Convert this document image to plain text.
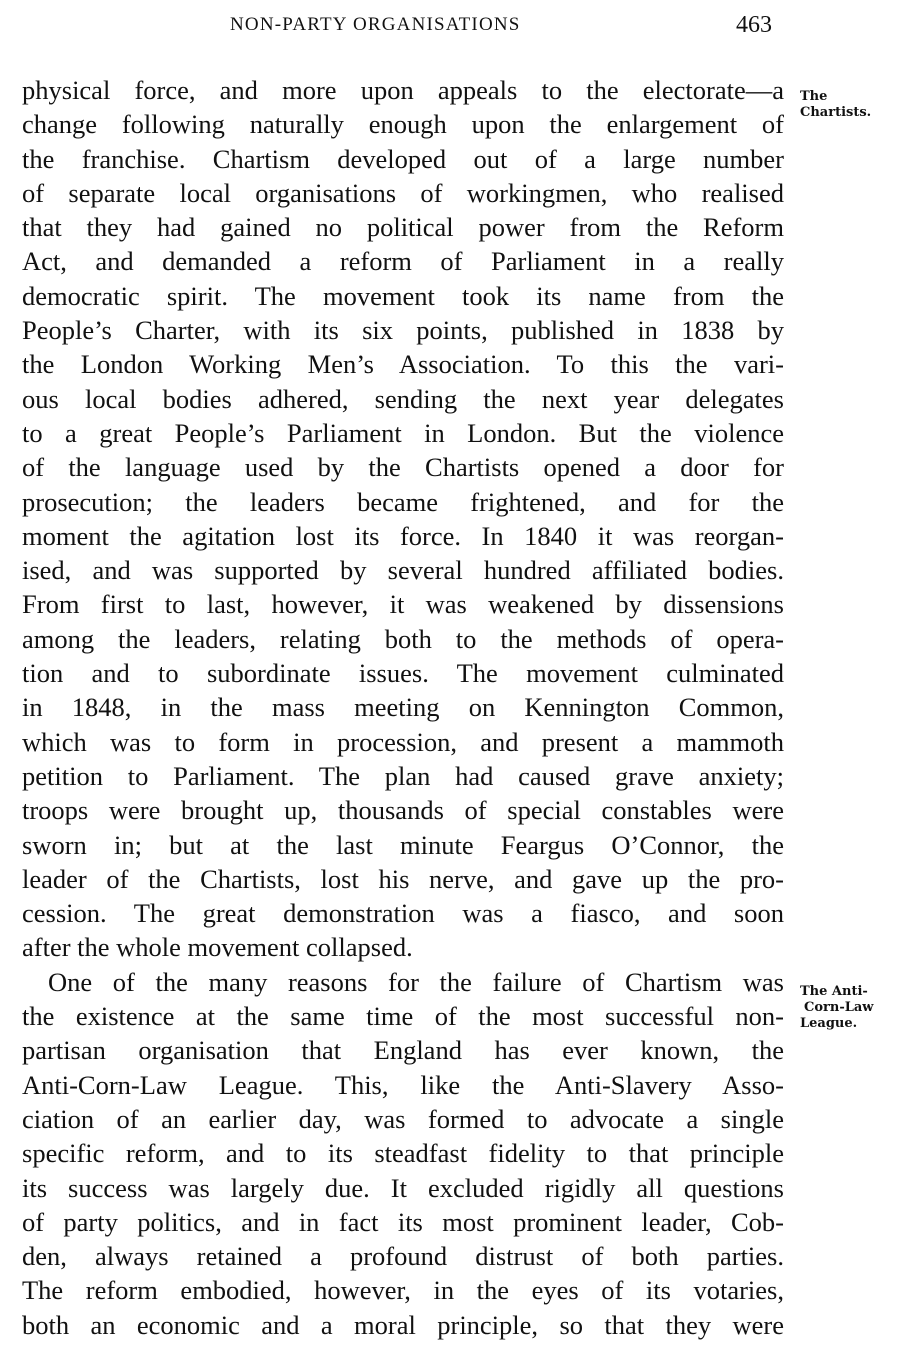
NON-PARTY ORGANISATIONS	463
The
Chartists.
The Anti-
Corn-Law
League.
physical force, and more upon appeals to the electorate—a
change following naturally enough upon the enlargement of
the franchise. Chartism developed out of a large number
of separate local organisations of workingmen, who realised
that they had gained no political power from the Reform
Act, and demanded a reform of Parliament in a really
democratic spirit. The movement took its name from the
People’s Charter, with its six points, published in 1838 by
the London Working Men’s Association. To this the vari-
ous local bodies adhered, sending the next year delegates
to a great People’s Parliament in London. But the violence
of the language used by the Chartists opened a door for
prosecution; the leaders became frightened, and for the
moment the agitation lost its force. In 1840 it was reorgan-
ised, and was supported by several hundred affiliated bodies.
From first to last, however, it was weakened by dissensions
among the leaders, relating both to the methods of opera-
tion and to subordinate issues. The movement culminated
in 1848, in the mass meeting on Kennington Common,
which was to form in procession, and present a mammoth
petition to Parliament. The plan had caused grave anxiety;
troops were brought up, thousands of special constables were
sworn in; but at the last minute Feargus O’Connor, the
leader of the Chartists, lost his nerve, and gave up the pro-
cession. The great demonstration was a fiasco, and soon
after the whole movement collapsed.
One of the many reasons for the failure of Chartism was
the existence at the same time of the most successful non-
partisan organisation that England has ever known, the
Anti-Corn-Law League. This, like the Anti-Slavery Asso-
ciation of an earlier day, was formed to advocate a single
specific reform, and to its steadfast fidelity to that principle
its success was largely due. It excluded rigidly all questions
of party politics, and in fact its most prominent leader, Cob-
den, always retained a profound distrust of both parties.
The reform embodied, however, in the eyes of its votaries,
both an economic and a moral principle, so that they were
